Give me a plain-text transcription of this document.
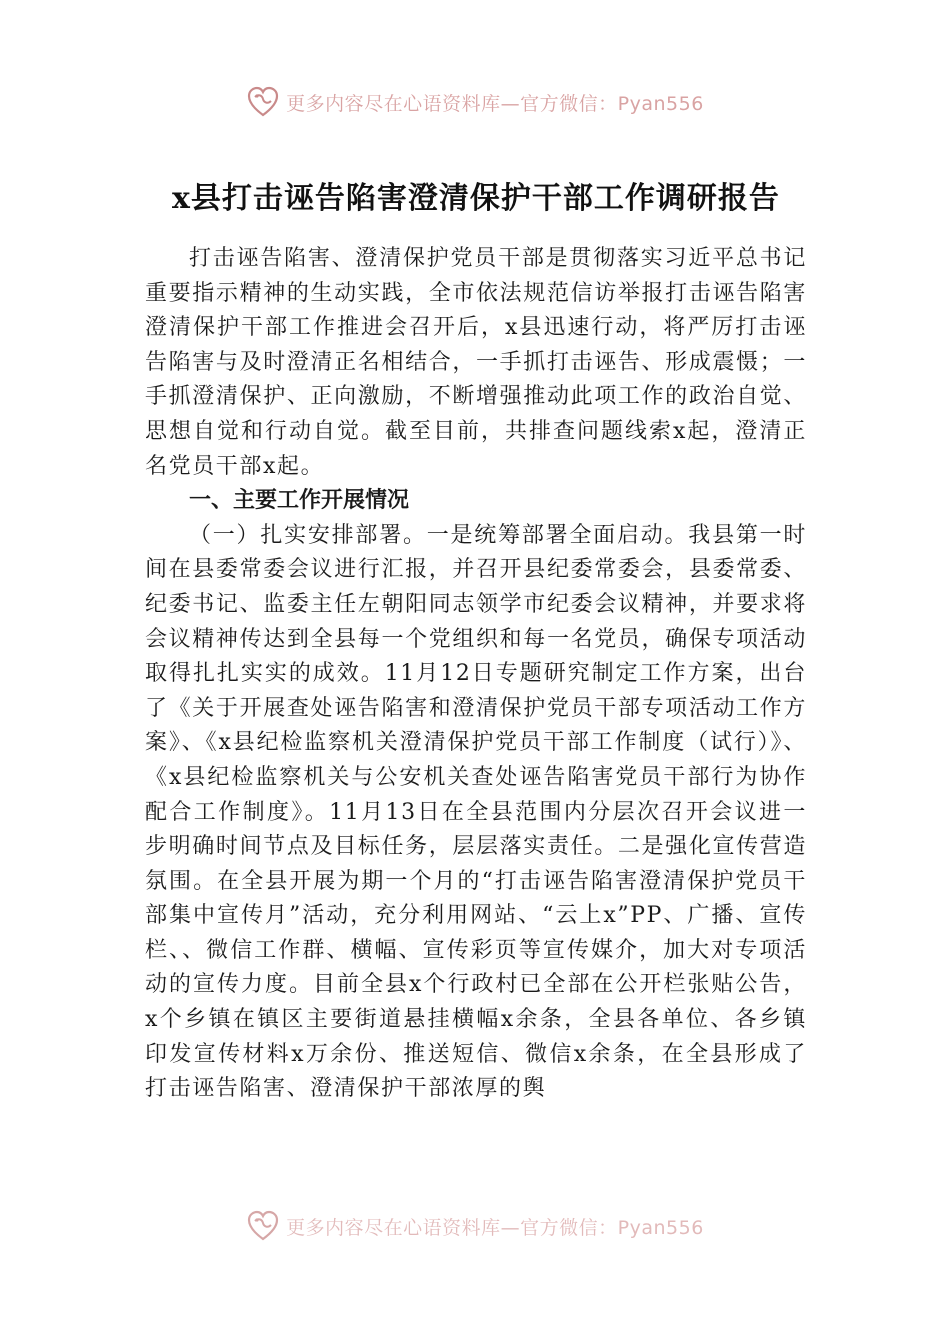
更多内容尽在心语资料库—官方微信：Pyan556
x县打击诬告陷害澄清保护干部工作调研报告

打击诬告陷害、澄清保护党员干部是贯彻落实习近平总书记重要指示精神的生动实践，全市依法规范信访举报打击诬告陷害澄清保护干部工作推进会召开后，x县迅速行动，将严厉打击诬告陷害与及时澄清正名相结合，一手抓打击诬告、形成震慑；一手抓澄清保护、正向激励，不断增强推动此项工作的政治自觉、思想自觉和行动自觉。截至目前，共排查问题线索x起，澄清正名党员干部x起。

一、主要工作开展情况

（一）扎实安排部署。一是统筹部署全面启动。我县第一时间在县委常委会议进行汇报，并召开县纪委常委会，县委常委、纪委书记、监委主任左朝阳同志领学市纪委会议精神，并要求将会议精神传达到全县每一个党组织和每一名党员，确保专项活动取得扎扎实实的成效。11月12日专题研究制定工作方案，出台了《关于开展查处诬告陷害和澄清保护党员干部专项活动工作方案》、《x县纪检监察机关澄清保护党员干部工作制度（试行）》、《x县纪检监察机关与公安机关查处诬告陷害党员干部行为协作配合工作制度》。11月13日在全县范围内分层次召开会议进一步明确时间节点及目标任务，层层落实责任。二是强化宣传营造氛围。在全县开展为期一个月的“打击诬告陷害澄清保护党员干部集中宣传月”活动，充分利用网站、“云上x”PP、广播、宣传栏、、微信工作群、横幅、宣传彩页等宣传媒介，加大对专项活动的宣传力度。目前全县x个行政村已全部在公开栏张贴公告，x个乡镇在镇区主要街道悬挂横幅x余条，全县各单位、各乡镇印发宣传材料x万余份、推送短信、微信x余条，在全县形成了打击诬告陷害、澄清保护干部浓厚的舆

更多内容尽在心语资料库—官方微信：Pyan556
